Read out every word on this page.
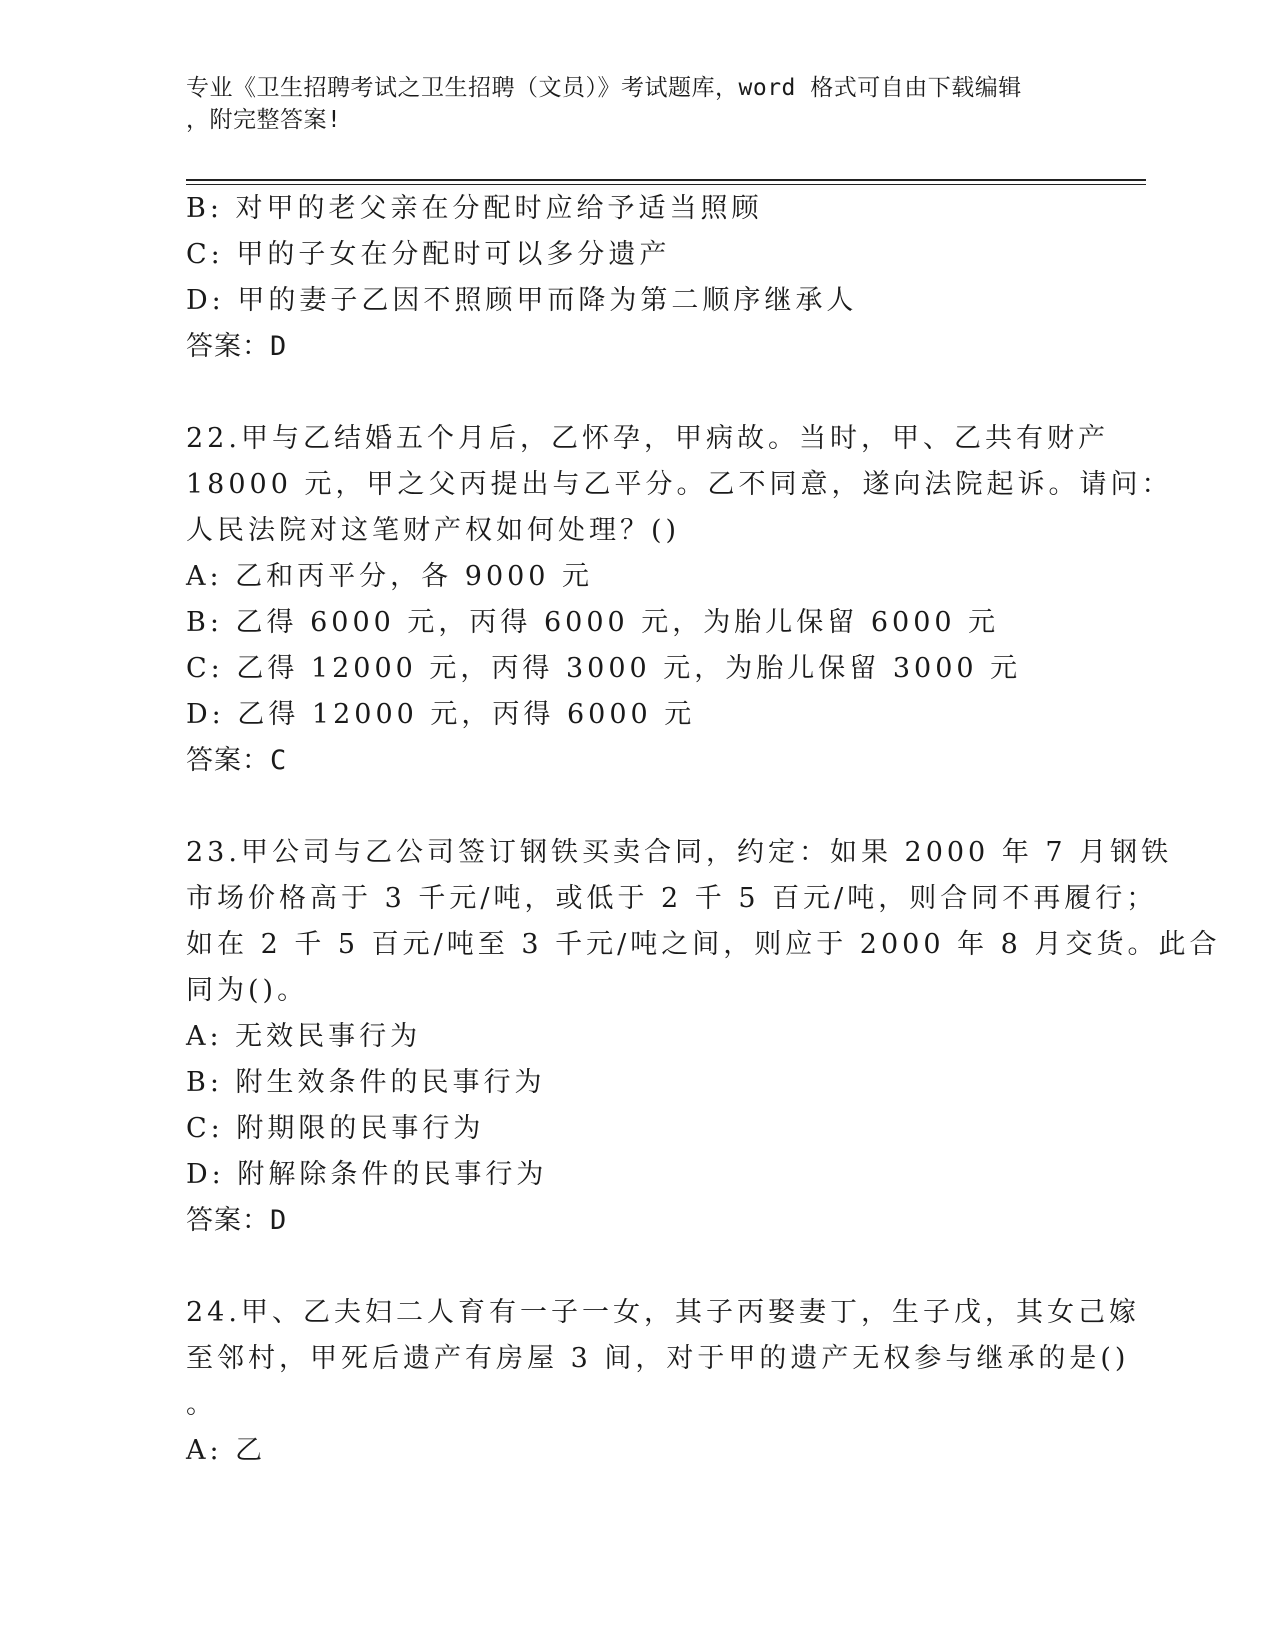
专业《卫生招聘考试之卫生招聘（文员）》考试题库，word 格式可自由下载编辑
，附完整答案!
B: 对甲的老父亲在分配时应给予适当照顾
C: 甲的子女在分配时可以多分遗产
D: 甲的妻子乙因不照顾甲而降为第二顺序继承人
答案：D
22.甲与乙结婚五个月后，乙怀孕，甲病故。当时，甲、乙共有财产
18000 元，甲之父丙提出与乙平分。乙不同意，遂向法院起诉。请问：
人民法院对这笔财产权如何处理？()
A: 乙和丙平分，各 9000 元
B: 乙得 6000 元，丙得 6000 元，为胎儿保留 6000 元
C: 乙得 12000 元，丙得 3000 元，为胎儿保留 3000 元
D: 乙得 12000 元，丙得 6000 元
答案：C
23.甲公司与乙公司签订钢铁买卖合同，约定：如果 2000 年 7 月钢铁
市场价格高于 3 千元/吨，或低于 2 千 5 百元/吨，则合同不再履行；
如在 2 千 5 百元/吨至 3 千元/吨之间，则应于 2000 年 8 月交货。此合
同为()。
A: 无效民事行为
B: 附生效条件的民事行为
C: 附期限的民事行为
D: 附解除条件的民事行为
答案：D
24.甲、乙夫妇二人育有一子一女，其子丙娶妻丁，生子戊，其女己嫁
至邻村，甲死后遗产有房屋 3 间，对于甲的遗产无权参与继承的是()
。
A: 乙
